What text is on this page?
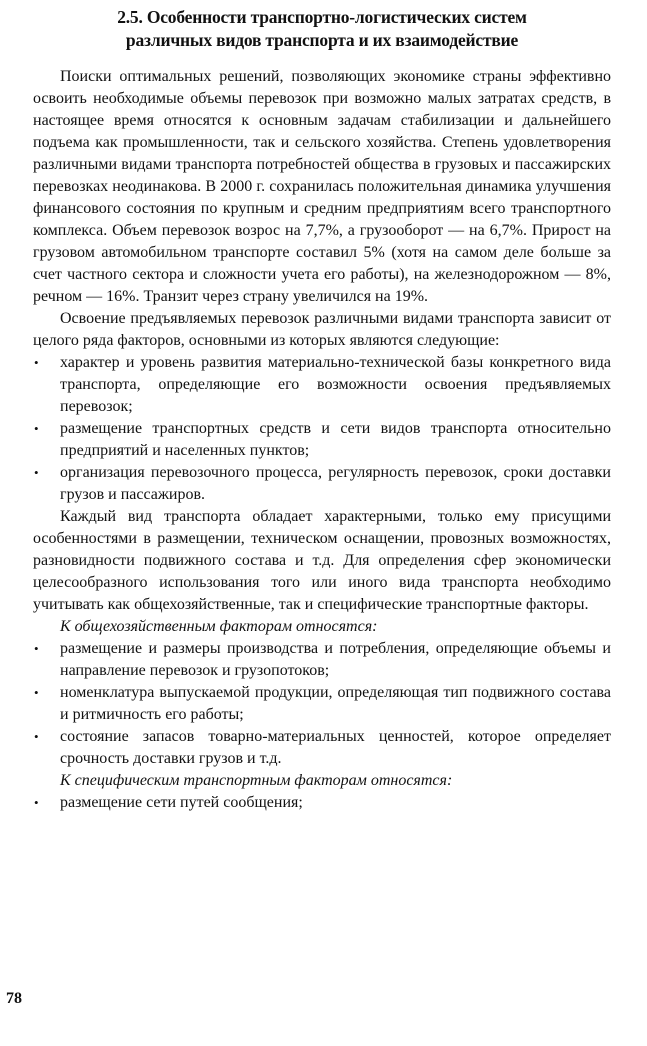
2.5. Особенности транспортно-логистических систем
различных видов транспорта и их взаимодействие

Поиски оптимальных решений, позволяющих экономике страны эффективно освоить необходимые объемы перевозок при возможно малых затратах средств, в настоящее время относятся к основным задачам стабилизации и дальнейшего подъема как промышленности, так и сельского хозяйства. Степень удовлетворения различными видами транспорта потребностей общества в грузовых и пассажирских перевозках неодинакова. В 2000 г. сохранилась положительная динамика улучшения финансового состояния по крупным и средним предприятиям всего транспортного комплекса. Объем перевозок возрос на 7,7%, а грузооборот — на 6,7%. Прирост на грузовом автомобильном транспорте составил 5% (хотя на самом деле больше за счет частного сектора и сложности учета его работы), на железнодорожном — 8%, речном — 16%. Транзит через страну увеличился на 19%.

Освоение предъявляемых перевозок различными видами транспорта зависит от целого ряда факторов, основными из которых являются следующие:

• характер и уровень развития материально-технической базы конкретного вида транспорта, определяющие его возможности освоения предъявляемых перевозок;
• размещение транспортных средств и сети видов транспорта относительно предприятий и населенных пунктов;
• организация перевозочного процесса, регулярность перевозок, сроки доставки грузов и пассажиров.

Каждый вид транспорта обладает характерными, только ему присущими особенностями в размещении, техническом оснащении, провозных возможностях, разновидности подвижного состава и т.д. Для определения сфер экономически целесообразного использования того или иного вида транспорта необходимо учитывать как общехозяйственные, так и специфические транспортные факторы.

К общехозяйственным факторам относятся:

• размещение и размеры производства и потребления, определяющие объемы и направление перевозок и грузопотоков;
• номенклатура выпускаемой продукции, определяющая тип подвижного состава и ритмичность его работы;
• состояние запасов товарно-материальных ценностей, которое определяет срочность доставки грузов и т.д.

К специфическим транспортным факторам относятся:

• размещение сети путей сообщения;
78
